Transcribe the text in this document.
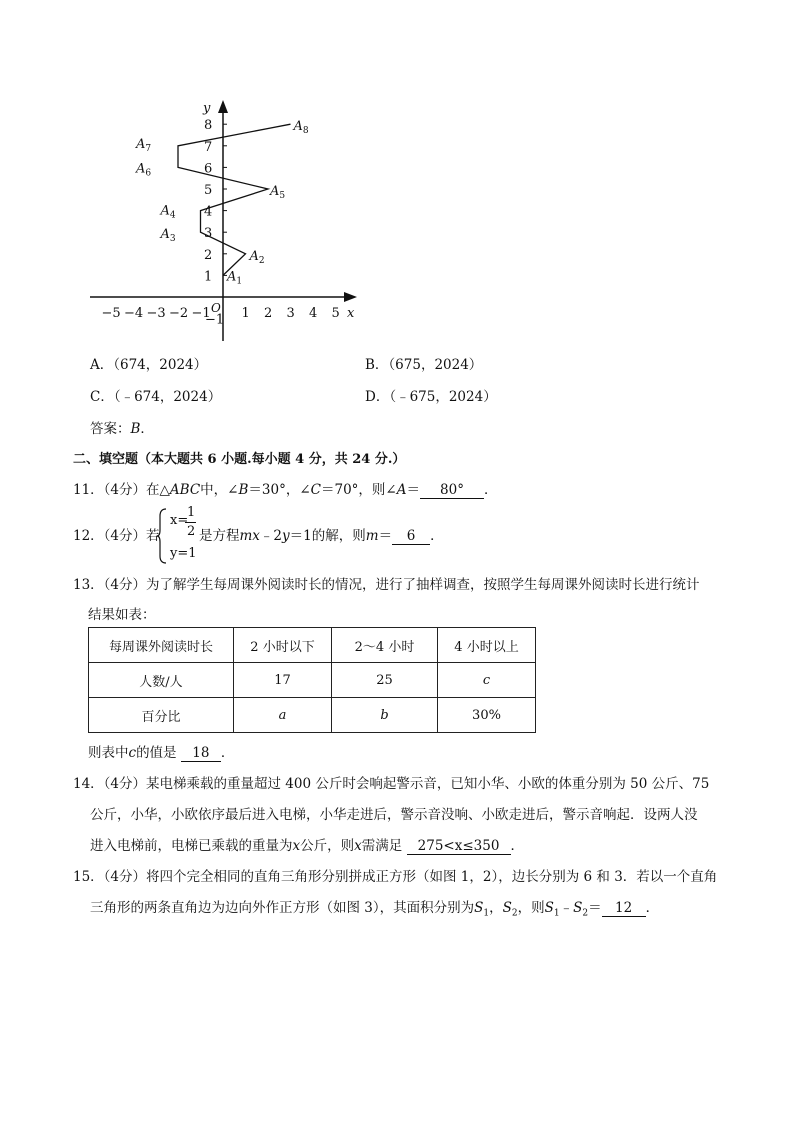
y
x
O
−5 −4 −3 −2 −1 1 2 3 4 5
1
2
3
4
5
6
7
8
−1
$A_1$
$A_2$
$A_3$
$A_4$
$A_5$
$A_6$
$A_7$
$A_8$
A．（674，2024）	B．（675，2024）
C．（﹣674，2024）	D．（﹣675，2024）
答案：B．
二、填空题（本大题共 6 小题.每小题 4 分，共 24 分.）
11．（4分）在△ABC中，∠B＝30°，∠C＝70°，则∠A＝ 80° ．
12．（4分）若
x=
1
2
y=1
是方程mx﹣2y＝1的解，则m＝ 6 ．
13．（4分）为了解学生每周课外阅读时长的情况，进行了抽样调查，按照学生每周课外阅读时长进行统计
结果如表：
每周课外阅读时长	2 小时以下	2～4 小时	4 小时以上
人数/人	17	25	c
百分比	a	b	30%
则表中c的值是 18 ．
14．（4分）某电梯乘载的重量超过 400 公斤时会响起警示音，已知小华、小欧的体重分别为 50 公斤、75
公斤，小华，小欧依序最后进入电梯，小华走进后，警示音没响、小欧走进后，警示音响起．设两人没
进入电梯前，电梯已乘载的重量为x公斤，则x需满足 275<x≤350 ．
15．（4分）将四个完全相同的直角三角形分别拼成正方形（如图 1，2），边长分别为 6 和 3．若以一个直角
三角形的两条直角边为边向外作正方形（如图 3），其面积分别为$S_1$，$S_2$，则$S_1﹣S_2= 12$ ．
